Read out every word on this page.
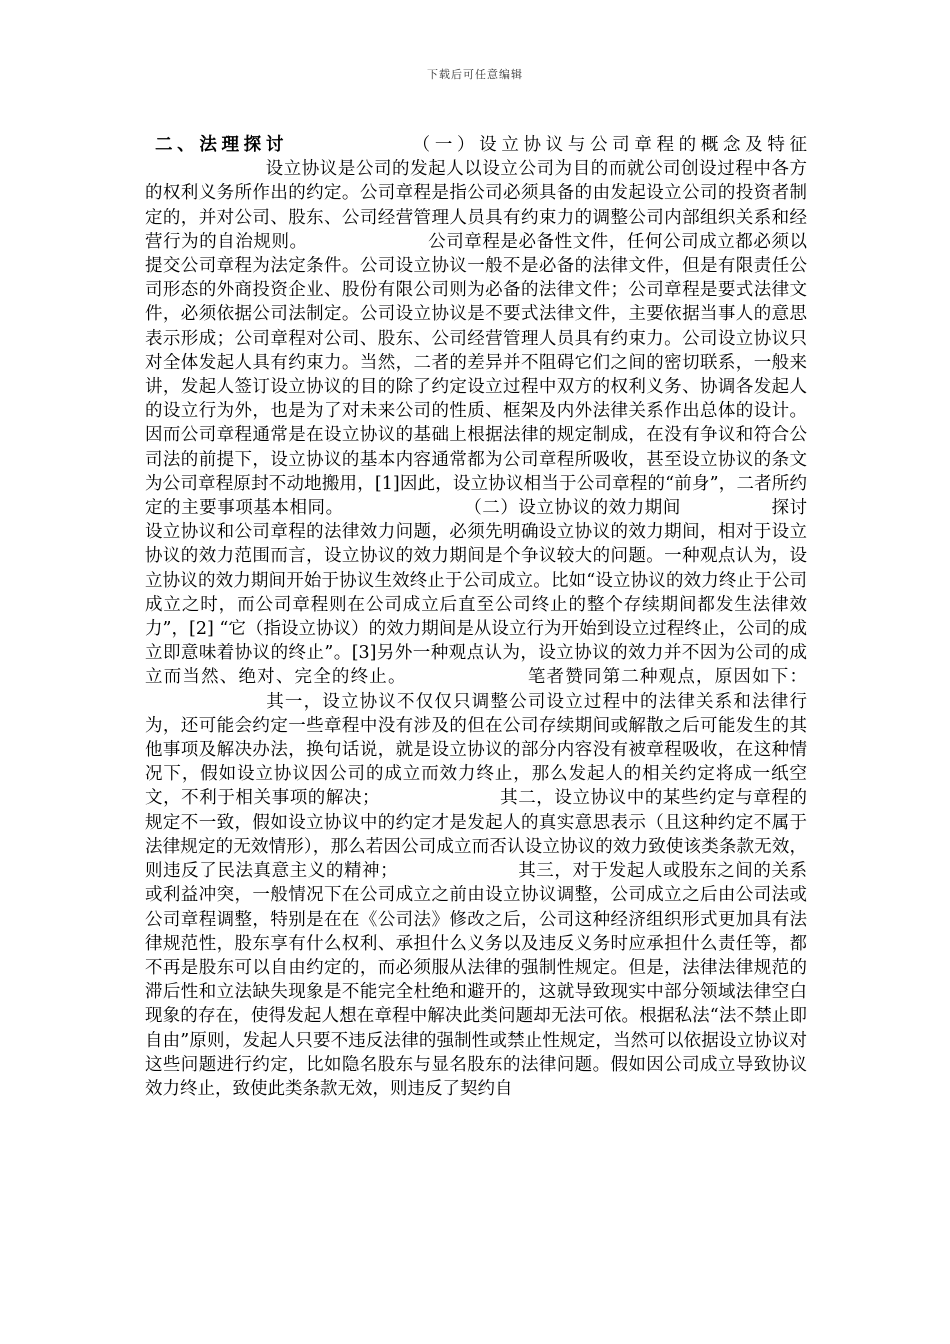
下载后可任意编辑
二、法理探讨	（一）设立协议与公司章程的概念及特征设立协议是公司的发起人以设立公司为目的而就公司创设过程中各方的权利义务所作出的约定。公司章程是指公司必须具备的由发起设立公司的投资者制定的，并对公司、股东、公司经营管理人员具有约束力的调整公司内部组织关系和经营行为的自治规则。	公司章程是必备性文件，任何公司成立都必须以提交公司章程为法定条件。公司设立协议一般不是必备的法律文件，但是有限责任公司形态的外商投资企业、股份有限公司则为必备的法律文件；公司章程是要式法律文件，必须依据公司法制定。公司设立协议是不要式法律文件，主要依据当事人的意思表示形成；公司章程对公司、股东、公司经营管理人员具有约束力。公司设立协议只对全体发起人具有约束力。当然，二者的差异并不阻碍它们之间的密切联系，一般来讲，发起人签订设立协议的目的除了约定设立过程中双方的权利义务、协调各发起人的设立行为外，也是为了对未来公司的性质、框架及内外法律关系作出总体的设计。因而公司章程通常是在设立协议的基础上根据法律的规定制成，在没有争议和符合公司法的前提下，设立协议的基本内容通常都为公司章程所吸收，甚至设立协议的条文为公司章程原封不动地搬用，[1]因此，设立协议相当于公司章程的“前身”，二者所约定的主要事项基本相同。	（二）设立协议的效力期间	探讨设立协议和公司章程的法律效力问题，必须先明确设立协议的效力期间，相对于设立协议的效力范围而言，设立协议的效力期间是个争议较大的问题。一种观点认为，设立协议的效力期间开始于协议生效终止于公司成立。比如“设立协议的效力终止于公司成立之时，而公司章程则在公司成立后直至公司终止的整个存续期间都发生法律效力”，[2] “它（指设立协议）的效力期间是从设立行为开始到设立过程终止，公司的成立即意味着协议的终止”。[3]另外一种观点认为，设立协议的效力并不因为公司的成立而当然、绝对、完全的终止。	笔者赞同第二种观点，原因如下：其一，设立协议不仅仅只调整公司设立过程中的法律关系和法律行为，还可能会约定一些章程中没有涉及的但在公司存续期间或解散之后可能发生的其他事项及解决办法，换句话说，就是设立协议的部分内容没有被章程吸收，在这种情况下，假如设立协议因公司的成立而效力终止，那么发起人的相关约定将成一纸空文，不利于相关事项的解决；	其二，设立协议中的某些约定与章程的规定不一致，假如设立协议中的约定才是发起人的真实意思表示（且这种约定不属于法律规定的无效情形），那么若因公司成立而否认设立协议的效力致使该类条款无效，则违反了民法真意主义的精神；	其三，对于发起人或股东之间的关系或利益冲突，一般情况下在公司成立之前由设立协议调整，公司成立之后由公司法或公司章程调整，特别是在在《公司法》修改之后，公司这种经济组织形式更加具有法律规范性，股东享有什么权利、承担什么义务以及违反义务时应承担什么责任等，都不再是股东可以自由约定的，而必须服从法律的强制性规定。但是，法律法律规范的滞后性和立法缺失现象是不能完全杜绝和避开的，这就导致现实中部分领域法律空白现象的存在，使得发起人想在章程中解决此类问题却无法可依。根据私法“法不禁止即自由”原则，发起人只要不违反法律的强制性或禁止性规定，当然可以依据设立协议对这些问题进行约定，比如隐名股东与显名股东的法律问题。假如因公司成立导致协议效力终止，致使此类条款无效，则违反了契约自
